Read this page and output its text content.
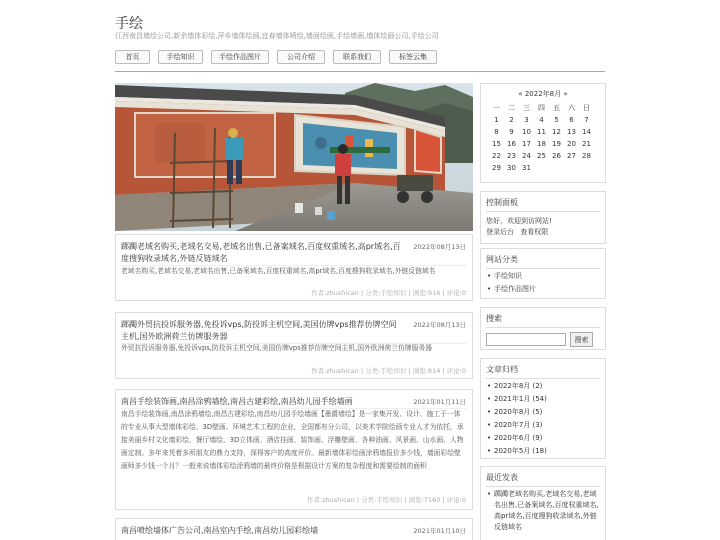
手绘
江西南昌墙绘公司,新余墙体彩绘,萍乡墙体绘画,宜春墙体喷绘,墙面绘画,手绘墙画,墙体绘画公司,手绘公司
首页	手绘知识	手绘作品图片	公司介绍	联系我们	标签云集
踯躅老域名购买,老域名交易,老域名出售,已备案域名,百度权重域名,高pr域名,百度搜狗收录域名,外链反链域名
2022年08月13日
老域名购买,老域名交易,老域名出售,已备案域名,百度权重域名,高pr域名,百度搜狗收录域名,外链反链域名
作者:zhushican | 分类:手绘知识 | 浏览:916 | 评论:0
踯躅外贸抗投诉服务器,免投诉vps,防投诉主机空间,美国仿牌vps推荐仿牌空间主机,国外欧洲荷兰仿牌服务器
2022年08月13日
外贸抗投诉服务器,免投诉vps,防投诉主机空间,美国仿牌vps推荐仿牌空间主机,国外欧洲荷兰仿牌服务器
作者:zhushican | 分类:手绘知识 | 浏览:814 | 评论:0
南昌手绘装饰画,南昌涂鸦墙绘,南昌古建彩绘,南昌幼儿园手绘墙画	2021年01月11日
南昌手绘装饰画,南昌涂鸦墙绘,南昌古建彩绘,南昌幼儿园手绘墙画【墨爵墙绘】是一家集开发、设计、施工于一体的专业从事大型墙体彩绘、3D壁画、环境艺术工程的企业，全国都有分公司，以美术学院绘画专业人才为依托，承接美丽乡村文化墙彩绘、餐厅墙绘、3D立体画、酒店挂画、装饰画、浮雕壁画、各种油画、风景画、山水画、人物画定制。多年来凭着多所朋友的鼎力支持，深得客户的高度评价。最新墙体彩绘画涂鸦墙报价多少钱，墙面彩绘壁画师多少钱一个月？一般来说墙体彩绘涂鸦墙的最终价格是根据设计方案的复杂程度和需要绘制的面积
作者:zhushican | 分类:手绘知识 | 浏览:7160 | 评论:0
南昌喷绘墙体广告公司,南昌室内手绘,南昌幼儿园彩绘墙	2021年01月10日
« 2022年8月 »
一	二	三	四	五	六	日
1	2	3	4	5	6	7
8	9	10	11	12	13	14
15	16	17	18	19	20	21
22	23	24	25	26	27	28
29	30	31				
控制面板
您好，欢迎到访网站!
登录后台 查看权限
网站分类
• 手绘知识
• 手绘作品图片
搜索
搜索
文章归档
• 2022年8月 (2)
• 2021年1月 (54)
• 2020年8月 (5)
• 2020年7月 (3)
• 2020年6月 (9)
• 2020年5月 (18)
最近发表
• 踯躅老域名购买,老域名交易,老域名出售,已备案域名,百度权重域名,高pr域名,百度搜狗收录域名,外链反链域名
